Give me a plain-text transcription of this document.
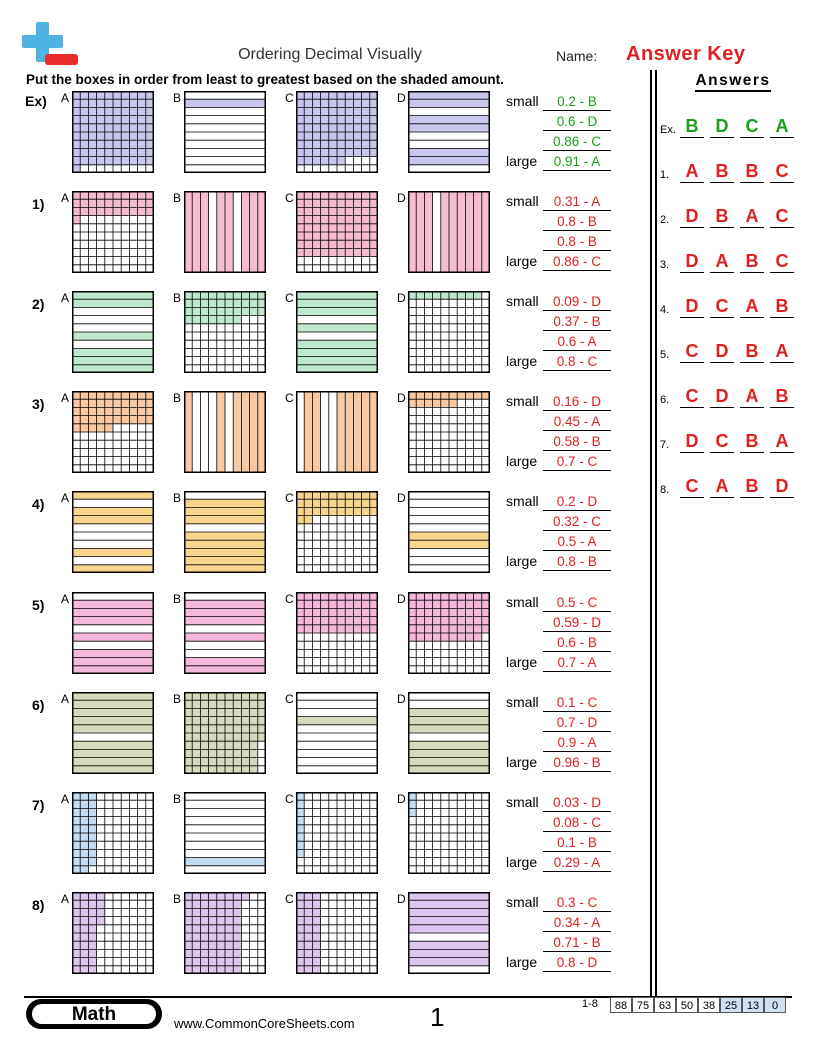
Ordering Decimal Visually	Name: Answer Key
Put the boxes in order from least to greatest based on the shaded amount.	Answers
Ex) A	B	C	D	small
large
0.2 - B
0.6 - D
0.86 - C
0.91 - A
1) A	B	C	D	small
large
0.31 - A
0.8 - B
0.8 - B
0.86 - C
2) A	B	C	D	small
large
0.09 - D
0.37 - B
0.6 - A
0.8 - C
3) A	B	C	D	small
large
0.16 - D
0.45 - A
0.58 - B
0.7 - C
4) A	B	C	D	small
large
0.2 - D
0.32 - C
0.5 - A
0.8 - B
5) A	B	C	D	small
large
0.5 - C
0.59 - D
0.6 - B
0.7 - A
6) A	B	C	D	small
large
0.1 - C
0.7 - D
0.9 - A
0.96 - B
7) A	B	C	D	small
large
0.03 - D
0.08 - C
0.1 - B
0.29 - A
8) A	B	C	D	small
large
0.3 - C
0.34 - A
0.71 - B
0.8 - D
Ex. B D C A
1. A B B C
2. D B A C
3. D A B C
4. D C A B
5. C D B A
6. C D A B
7. D C B A
8. C A B D
Math	www.CommonCoreSheets.com	1	1-8	88 75 63 50 38 25 13	0
